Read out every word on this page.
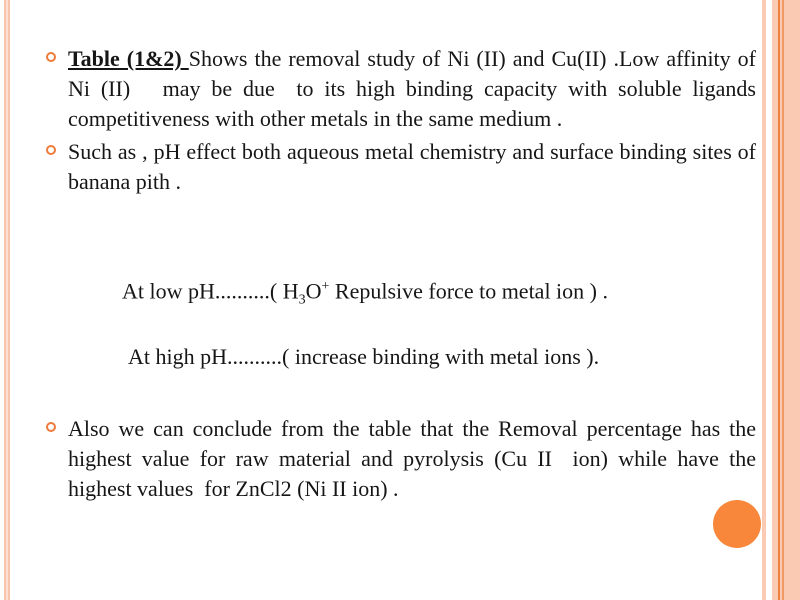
Table (1&2) Shows the removal study of Ni (II) and Cu(II) .Low affinity of Ni (II)   may be due  to its high binding capacity with soluble ligands competitiveness with other metals in the same medium .

Such as , pH effect both aqueous metal chemistry and surface binding sites of banana pith .

At low pH..........( $H_3O^+$ Repulsive force to metal ion ) .

At high pH..........( increase binding with metal ions ).

Also we can conclude from the table that the Removal percentage has the highest value for raw material and pyrolysis (Cu II  ion) while have the highest values  for ZnCl2 (Ni II ion) .
